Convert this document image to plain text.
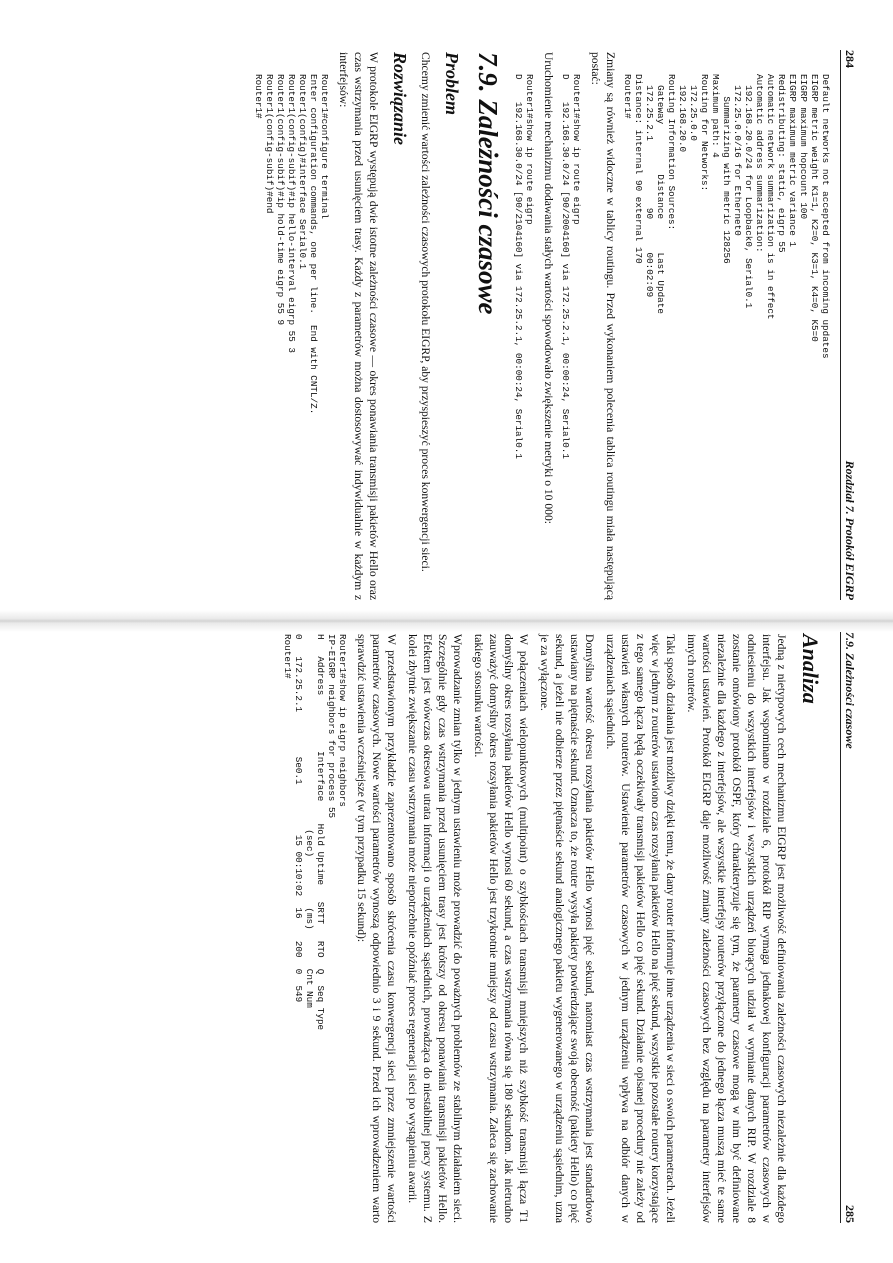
284
Rozdział 7. Protokół EIGRP
Default networks not accepted from incoming updates
EIGRP metric weight K1=1, K2=0, K3=1, K4=0, K5=0
EIGRP maximum hopcount 100
EIGRP maximum metric variance 1
Redistributing: static, eigrp 55
Automatic network summarization is in effect
Automatic address summarization:
192.168.20.0/24 for Loopback0, Serial0.1
172.25.0.0/16 for Ethernet0
Summarizing with metric 128256
Maximum path: 4
Routing for Networks:
172.25.0.0
192.168.20.0
Routing Information Sources:
Gateway         Distance      Last Update
172.25.2.1            90      00:02:09
Distance: internal 90 external 170
Router1#

Zmiany są również widoczne w tablicy routingu. Przed wykonaniem polecenia tablica routingu miała następującą postać:

Router1#show ip route eigrp
D    192.168.30.0/24 [90/2004160] via 172.25.2.1, 00:00:24, Serial0.1

Uruchomienie mechanizmu dodawania stałych wartości spowodowało zwiększenie metryki o 10 000:

Router1#show ip route eigrp
D    192.168.30.0/24 [90/2104160] via 172.25.2.1, 00:00:24, Serial0.1
7.9. Zależności czasowe
Problem

Chcemy zmienić wartości zależności czasowych protokołu EIGRP, aby przyspieszyć proces konwergencji sieci.

Rozwiązanie

W protokole EIGRP występują dwie istotne zależności czasowe — okres ponawiania transmisji pakietów Hello oraz czas wstrzymania przed usunięciem trasy. Każdy z parametrów można dostosowywać indywidualnie w każdym z interfejsów:

Router1#configure terminal
Enter configuration commands, one per line.  End with CNTL/Z.
Router1(config)#interface Serial0.1
Router1(config-subif)#ip hello-interval eigrp 55 3
Router1(config-subif)#ip hold-time eigrp 55 9
Router1(config-subif)#end
Router1#
7.9. Zależności czasowe
285
Analiza

Jedną z nietypowych cech mechanizmu EIGRP jest możliwość definiowania zależności czasowych niezależnie dla każdego interfejsu. Jak wspominano w rozdziale 6, protokół RIP wymaga jednakowej konfiguracji parametrów czasowych w odniesieniu do wszystkich interfejsów i wszystkich urządzeń biorących udział w wymianie danych RIP. W rozdziale 8 zostanie omówiony protokół OSPF, który charakteryzuje się tym, że parametry czasowe mogą w nim być definiowane niezależnie dla każdego z interfejsów, ale wszystkie interfejsy routerów przyłączone do jednego łącza muszą mieć te same wartości ustawień. Protokół EIGRP daje możliwość zmiany zależności czasowych bez względu na parametry interfejsów innych routerów.

Taki sposób działania jest możliwy dzięki temu, że dany router informuje inne urządzenia w sieci o swoich parametrach. Jeżeli więc w jednym z routerów ustawiono czas rozsyłania pakietów Hello na pięć sekund, wszystkie pozostałe routery korzystające z tego samego łącza będą oczekiwały transmisji pakietów Hello co pięć sekund. Działanie opisanej procedury nie zależy od ustawień własnych routerów. Ustawienie parametrów czasowych w jednym urządzeniu wpływa na odbiór danych w urządzeniach sąsiednich.

Domyślna wartość okresu rozsyłania pakietów Hello wynosi pięć sekund, natomiast czas wstrzymania jest standardowo ustawiany na piętnaście sekund. Oznacza to, że router wysyła pakiety potwierdzające swoją obecność (pakiety Hello) co pięć sekund, a jeżeli nie odbierze przez piętnaście sekund analogicznego pakietu wygenerowanego w urządzeniu sąsiednim, uzna je za wyłączone.

W połączeniach wielopunktowych (multipoint) o szybkościach transmisji mniejszych niż szybkość transmisji łącza T1 domyślny okres rozsyłania pakietów Hello wynosi 60 sekund, a czas wstrzymania równa się 180 sekundom. Jak nietrudno zauważyć domyślny okres rozsyłania pakietów Hello jest trzykrotnie mniejszy od czasu wstrzymania. Zaleca się zachowanie takiego stosunku wartości.

Wprowadzanie zmian tylko w jednym ustawieniu może prowadzić do poważnych problemów ze stabilnym działaniem sieci. Szczególnie gdy czas wstrzymania przed usunięciem trasy jest krótszy od okresu ponawiania transmisji pakietów Hello. Efektem jest wówczas okresowa utrata informacji o urządzeniach sąsiednich, prowadząca do niestabilnej pracy systemu. Z kolei zbytnie zwiększanie czasu wstrzymania może niepotrzebnie opóźniać proces regeneracji sieci po wystąpieniu awarii.

W przedstawionym przykładzie zaprezentowano sposób skrócenia czasu konwergencji sieci przez zmniejszenie wartości parametrów czasowych. Nowe wartości parametrów wynoszą odpowiednio 3 i 9 sekund. Przed ich wprowadzeniem warto sprawdzić ustawienia wcześniejsze (w tym przypadku 15 sekund):

Router1#show ip eigrp neighbors
IP-EIGRP neighbors for process 55
H   Address          Interface    Hold Uptime   SRTT   RTO  Q  Seq Type
(sec)         (ms)       Cnt Num
0   172.25.2.1        Se0.1         15 00:10:02  16    200  0  549
Router1#
